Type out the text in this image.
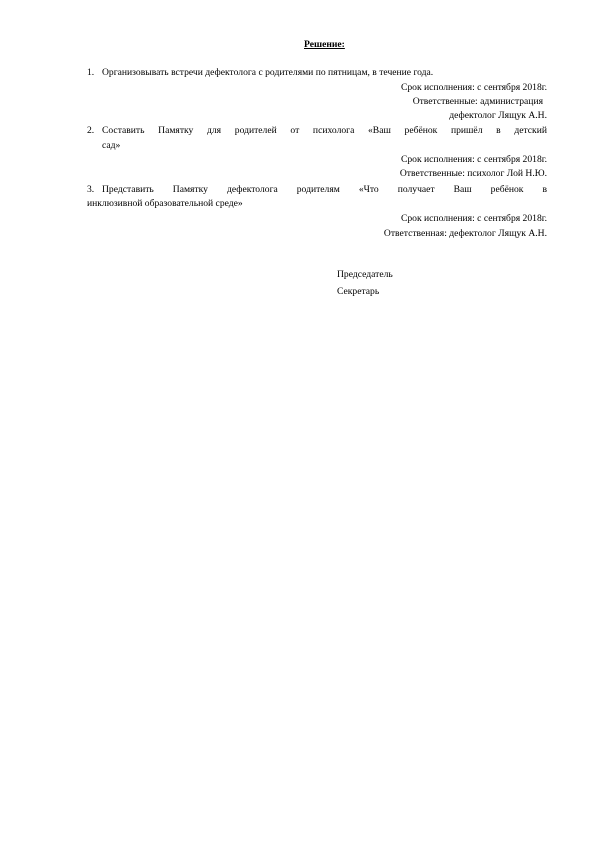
Решение:
1. Организовывать встречи дефектолога с родителями по пятницам, в течение года.
Срок исполнения: с сентября 2018г.
Ответственные: администрация
дефектолог Лящук А.Н.
2. Составить Памятку для родителей от психолога «Ваш ребёнок пришёл в детский
сад»
Срок исполнения: с сентября 2018г.
Ответственные: психолог Лой Н.Ю.
3. Представить Памятку дефектолога родителям «Что получает Ваш ребёнок в
инклюзивной образовательной среде»
Срок исполнения: с сентября 2018г.
Ответственная: дефектолог Лящук А.Н.
Председатель
Секретарь
